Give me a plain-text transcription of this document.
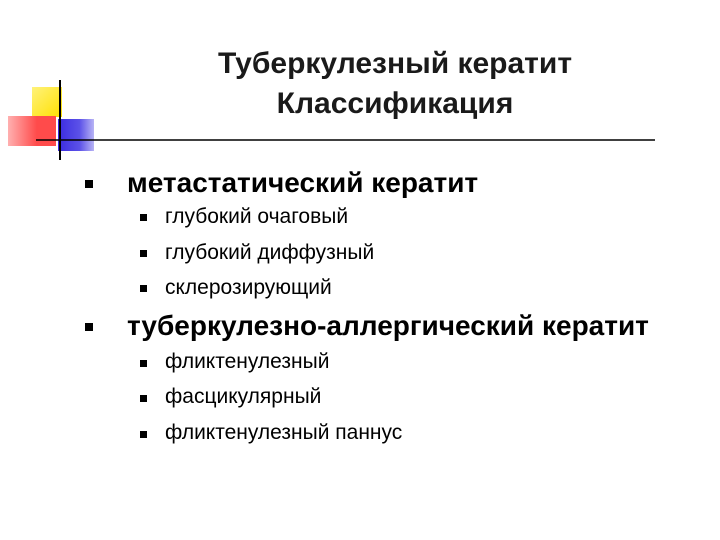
Туберкулезный кератит
Классификация
метастатический кератит
глубокий очаговый
глубокий диффузный
склерозирующий
туберкулезно-аллергический кератит
фликтенулезный
фасцикулярный
фликтенулезный паннус
